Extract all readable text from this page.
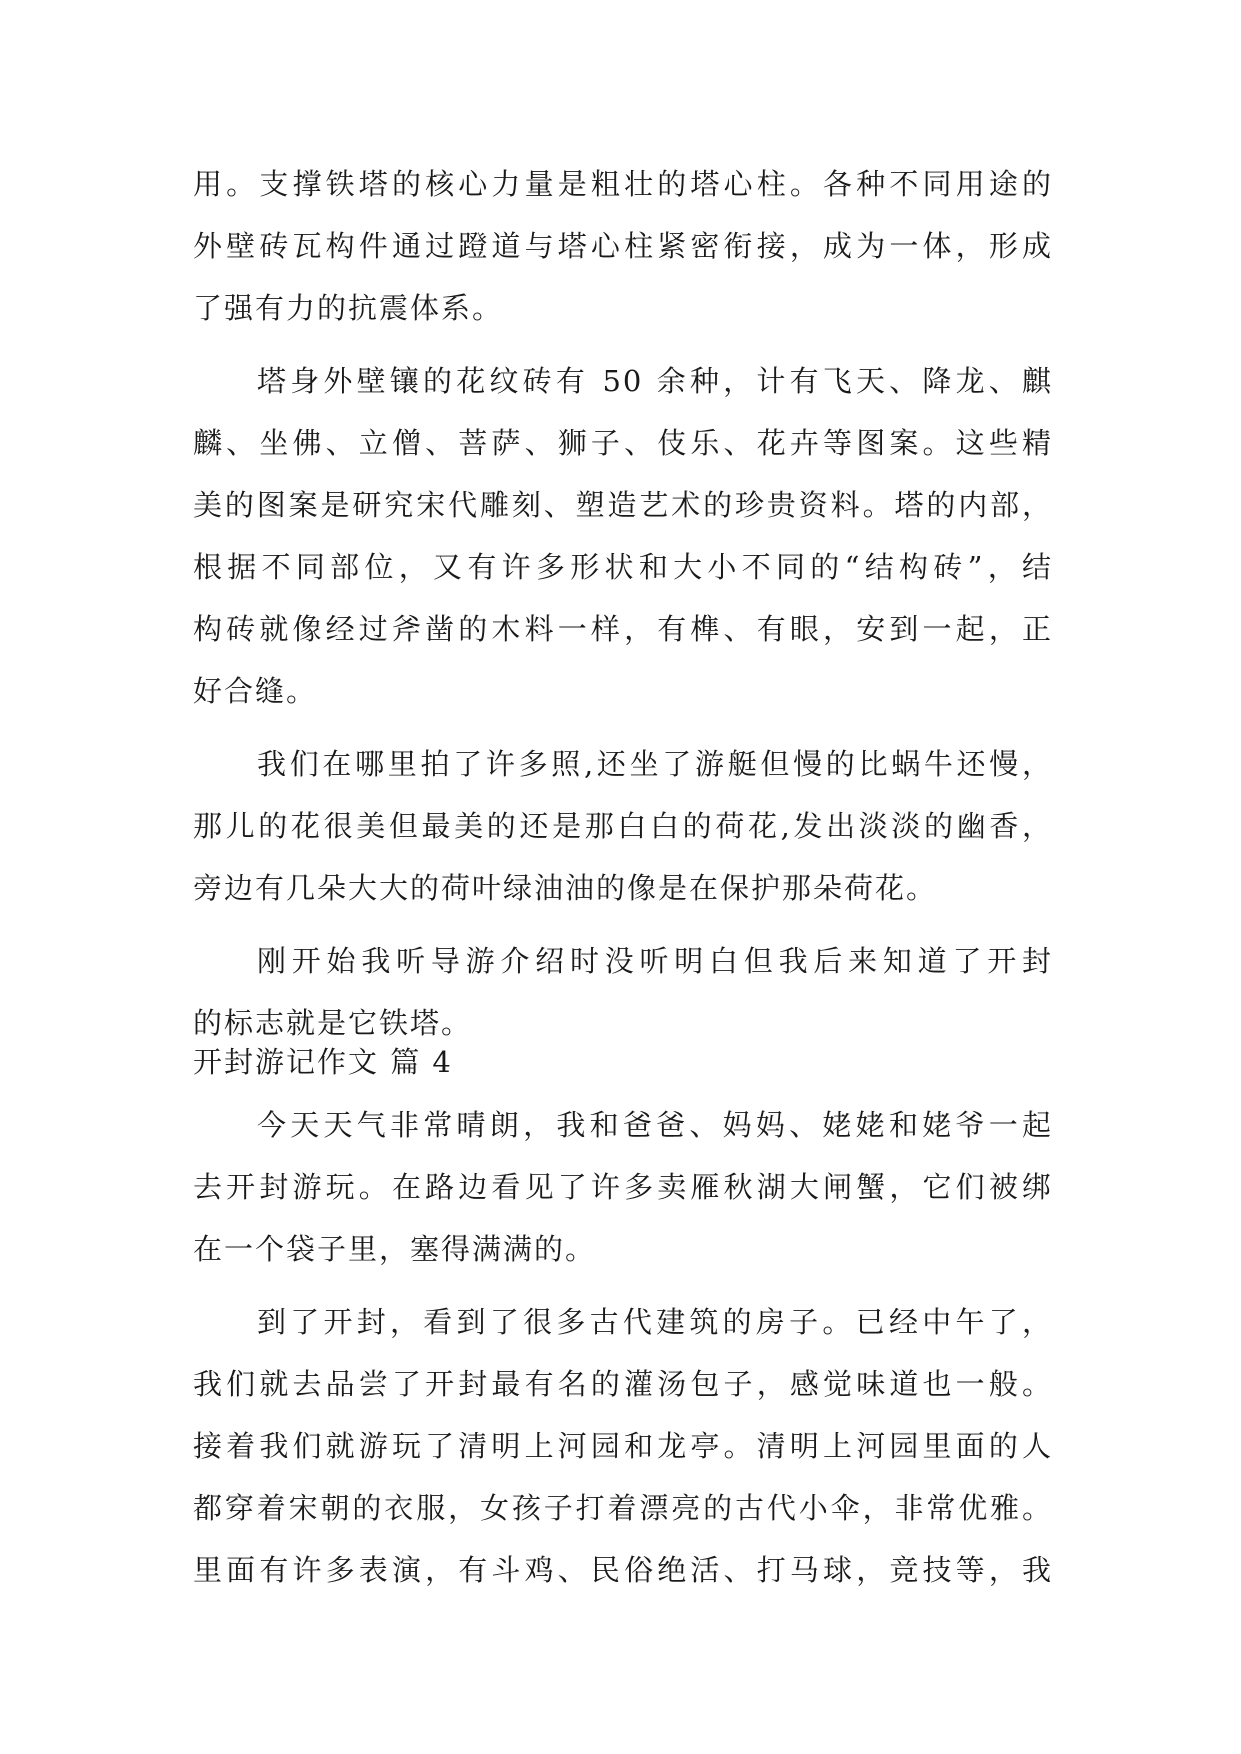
用。支撑铁塔的核心力量是粗壮的塔心柱。各种不同用途的
外壁砖瓦构件通过蹬道与塔心柱紧密衔接，成为一体，形成
了强有力的抗震体系。
塔身外壁镶的花纹砖有 50 余种，计有飞天、降龙、麒
麟、坐佛、立僧、菩萨、狮子、伎乐、花卉等图案。这些精
美的图案是研究宋代雕刻、塑造艺术的珍贵资料。塔的内部，
根据不同部位，又有许多形状和大小不同的“结构砖”，结
构砖就像经过斧凿的木料一样，有榫、有眼，安到一起，正
好合缝。
我们在哪里拍了许多照,还坐了游艇但慢的比蜗牛还慢，
那儿的花很美但最美的还是那白白的荷花,发出淡淡的幽香，
旁边有几朵大大的荷叶绿油油的像是在保护那朵荷花。
刚开始我听导游介绍时没听明白但我后来知道了开封
的标志就是它铁塔。
开封游记作文 篇 4
今天天气非常晴朗，我和爸爸、妈妈、姥姥和姥爷一起
去开封游玩。在路边看见了许多卖雁秋湖大闸蟹，它们被绑
在一个袋子里，塞得满满的。
到了开封，看到了很多古代建筑的房子。已经中午了，
我们就去品尝了开封最有名的灌汤包子，感觉味道也一般。
接着我们就游玩了清明上河园和龙亭。清明上河园里面的人
都穿着宋朝的衣服，女孩子打着漂亮的古代小伞，非常优雅。
里面有许多表演，有斗鸡、民俗绝活、打马球，竞技等，我
